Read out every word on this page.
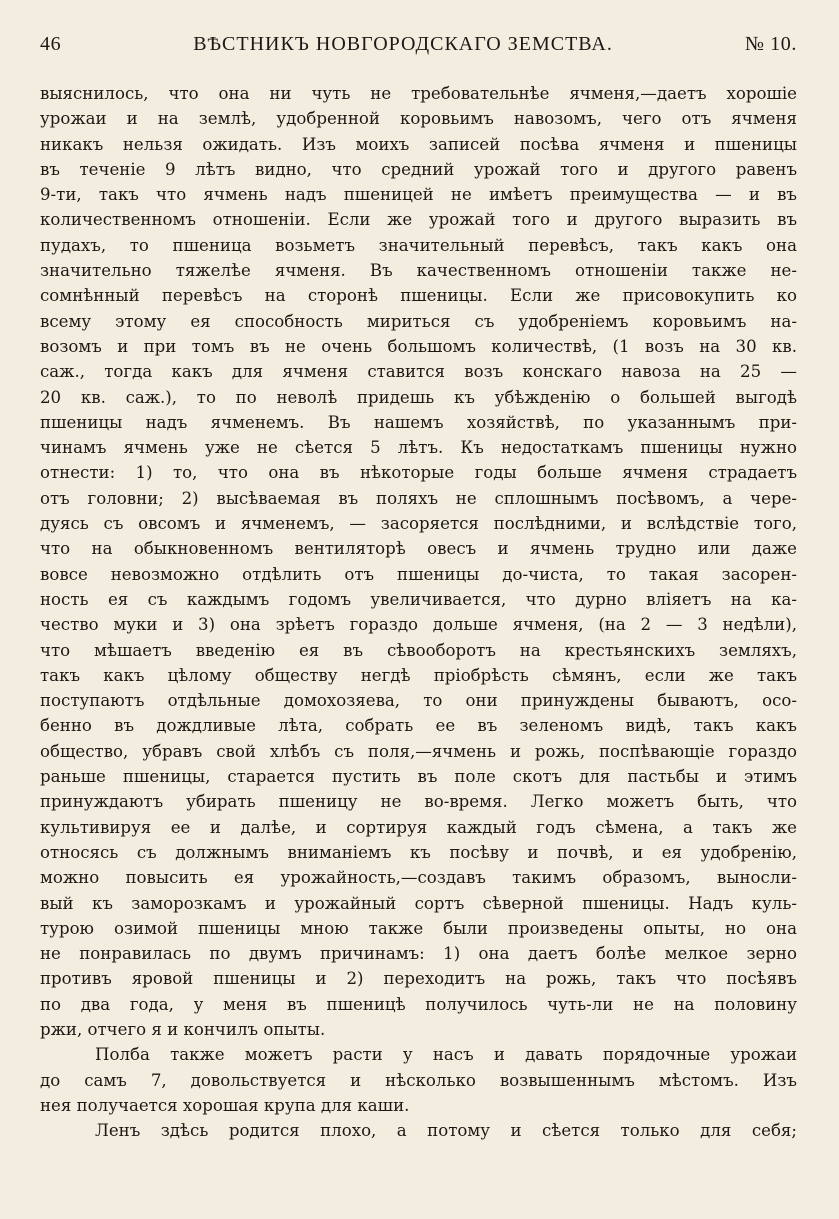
46	ВѢСТНИКЪ НОВГОРОДСКАГО ЗЕМСТВА.	№ 10.
выяснилось, что она ни чуть не требовательнѣе ячменя,—даетъ хорошiе
урожаи и на землѣ, удобренной коровьимъ навозомъ, чего отъ ячменя
никакъ нельзя ожидать. Изъ моихъ записей посѣва ячменя и пшеницы
въ теченiе 9 лѣтъ видно, что средний урожай того и другого равенъ
9-ти, такъ что ячмень надъ пшеницей не имѣетъ преимущества — и въ
количественномъ отношенiи. Если же урожай того и другого выразить въ
пудахъ, то пшеница возьметъ значительный перевѣсъ, такъ какъ она
значительно тяжелѣе ячменя. Въ качественномъ отношенiи также не-
сомнѣнный перевѣсъ на сторонѣ пшеницы. Если же присовокупить ко
всему этому ея способность мириться съ удобренiемъ коровьимъ на-
возомъ и при томъ въ не очень большомъ количествѣ, (1 возъ на 30 кв.
саж., тогда какъ для ячменя ставится возъ конскаго навоза на 25 —
20 кв. саж.), то по неволѣ придешь къ убѣжденiю о большей выгодѣ
пшеницы надъ ячменемъ. Въ нашемъ хозяйствѣ, по указаннымъ при-
чинамъ ячмень уже не сѣется 5 лѣтъ. Къ недостаткамъ пшеницы нужно
отнести: 1) то, что она въ нѣкоторые годы больше ячменя страдаетъ
отъ головни; 2) высѣваемая въ поляхъ не сплошнымъ посѣвомъ, а чере-
дуясь съ овсомъ и ячменемъ, — засоряется послѣдними, и вслѣдствiе того,
что на обыкновенномъ вентиляторѣ овесъ и ячмень трудно или даже
вовсе невозможно отдѣлить отъ пшеницы до-чиста, то такая засорен-
ность ея съ каждымъ годомъ увеличивается, что дурно влiяетъ на ка-
чество муки и 3) она зрѣетъ гораздо дольше ячменя, (на 2 — 3 недѣли),
что мѣшаетъ введенiю ея въ сѣвооборотъ на крестьянскихъ земляхъ,
такъ какъ цѣлому обществу негдѣ прiобрѣсть сѣмянъ, если же такъ
поступаютъ отдѣльные домохозяева, то они принуждены бываютъ, осо-
бенно въ дождливые лѣта, собрать ее въ зеленомъ видѣ, такъ какъ
общество, убравъ свой хлѣбъ съ поля,—ячмень и рожь, поспѣвающiе гораздо
раньше пшеницы, старается пустить въ поле скотъ для пастьбы и этимъ
принуждаютъ убирать пшеницу не во-время. Легко можетъ быть, что
культивируя ее и далѣе, и сортируя каждый годъ сѣмена, а такъ же
относясь съ должнымъ вниманiемъ къ посѣву и почвѣ, и ея удобренiю,
можно повысить ея урожайность,—создавъ такимъ образомъ, выносли-
вый къ заморозкамъ и урожайный сортъ сѣверной пшеницы. Надъ куль-
турою озимой пшеницы мною также были произведены опыты, но она
не понравилась по двумъ причинамъ: 1) она даетъ болѣе мелкое зерно
противъ яровой пшеницы и 2) переходитъ на рожь, такъ что посѣявъ
по два года, у меня въ пшеницѣ получилось чуть-ли не на половину
ржи, отчего я и кончилъ опыты.
Полба также можетъ расти у насъ и давать порядочные урожаи
до самъ 7, довольствуется и нѣсколько возвышеннымъ мѣстомъ. Изъ
нея получается хорошая крупа для каши.
Ленъ здѣсь родится плохо, а потому и сѣется только для себя;
